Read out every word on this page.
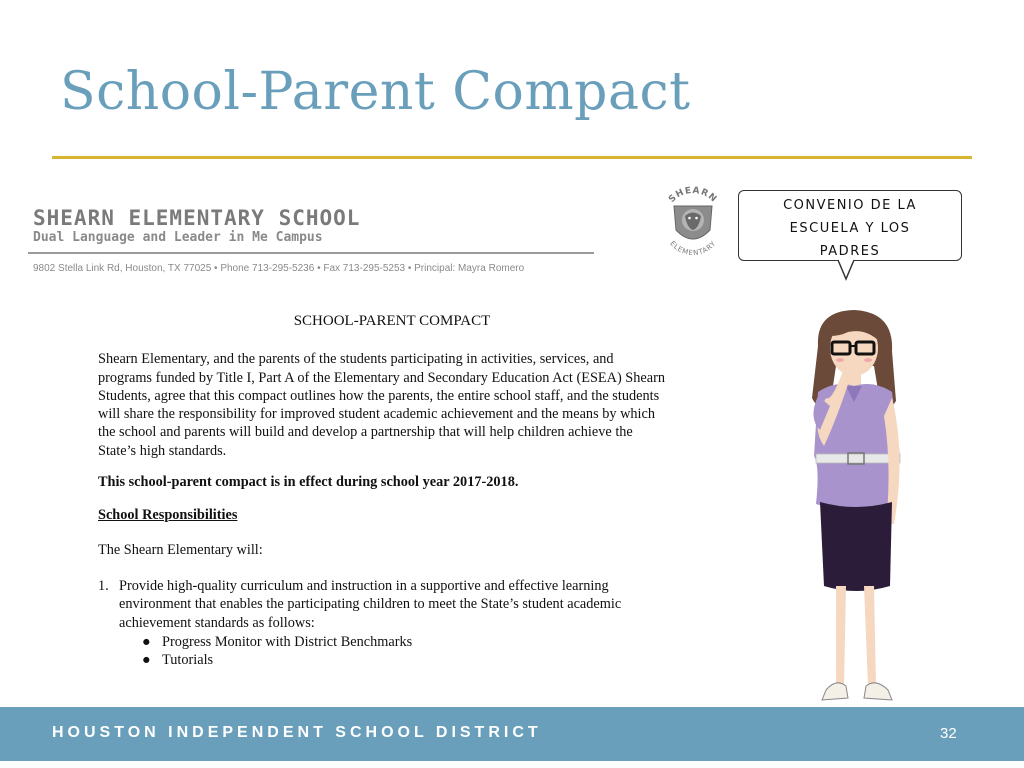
School-Parent Compact
SHEARN ELEMENTARY SCHOOL
Dual Language and Leader in Me Campus
9802 Stella Link Rd, Houston, TX 77025 • Phone 713-295-5236 • Fax 713-295-5253 • Principal: Mayra Romero
SHEARN
ELEMENTARY
CONVENIO DE LA
ESCUELA Y LOS
PADRES
SCHOOL-PARENT COMPACT

Shearn Elementary, and the parents of the students participating in activities, services, and programs funded by Title I, Part A of the Elementary and Secondary Education Act (ESEA) Shearn Students, agree that this compact outlines how the parents, the entire school staff, and the students will share the responsibility for improved student academic achievement and the means by which the school and parents will build and develop a partnership that will help children achieve the State’s high standards.

This school-parent compact is in effect during school year 2017-2018.
School Responsibilities
The Shearn Elementary will:
1. Provide high-quality curriculum and instruction in a supportive and effective learning environment that enables the participating children to meet the State’s student academic achievement standards as follows:
● Progress Monitor with District Benchmarks
● Tutorials
HOUSTON INDEPENDENT SCHOOL DISTRICT	32
